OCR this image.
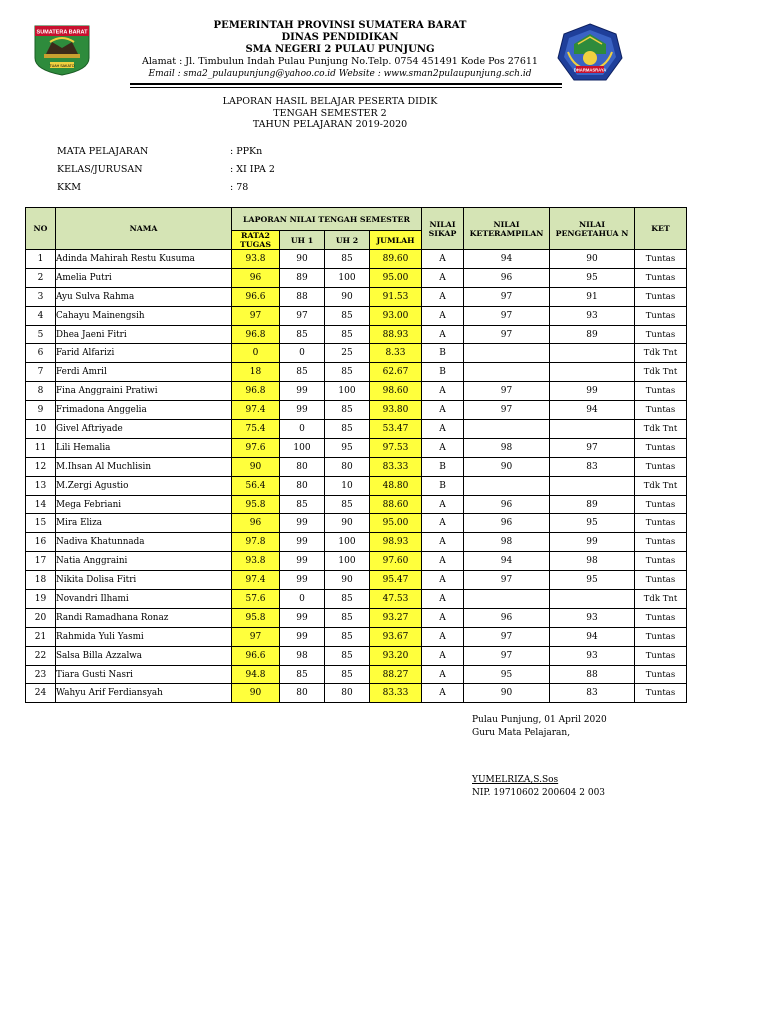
SUMATERA BARAT
TUAH SAKATO
PEMERINTAH PROVINSI SUMATERA BARAT
DINAS PENDIDIKAN
SMA NEGERI 2 PULAU PUNJUNG
Alamat : Jl. Timbulun Indah Pulau Punjung No.Telp. 0754 451491 Kode Pos 27611
Email : sma2_pulaupunjung@yahoo.co.id Website : www.sman2pulaupunjung.sch.id	DHARMASRAYA
LAPORAN HASIL BELAJAR PESERTA DIDIK
TENGAH SEMESTER 2
TAHUN PELAJARAN 2019-2020
MATA PELAJARAN	: PPKn
KELAS/JURUSAN	: XI IPA 2
KKM	: 78
NO	NAMA	LAPORAN NILAI TENGAH SEMESTER				NILAI SIKAP	NILAI KETERAMPILAN	NILAI PENGETAHUA N	KET
		RATA2 TUGAS	UH 1	UH 2	JUMLAH				
1	Adinda Mahirah Restu Kusuma	93.8	90	85	89.60	A	94	90	Tuntas
2	Amelia Putri	96	89	100	95.00	A	96	95	Tuntas
3	Ayu Sulva Rahma	96.6	88	90	91.53	A	97	91	Tuntas
4	Cahayu Mainengsih	97	97	85	93.00	A	97	93	Tuntas
5	Dhea Jaeni Fitri	96.8	85	85	88.93	A	97	89	Tuntas
6	Farid Alfarizi	0	0	25	8.33	B			Tdk Tnt
7	Ferdi Amril	18	85	85	62.67	B			Tdk Tnt
8	Fina Anggraini Pratiwi	96.8	99	100	98.60	A	97	99	Tuntas
9	Frimadona Anggelia	97.4	99	85	93.80	A	97	94	Tuntas
10	Givel Aftriyade	75.4	0	85	53.47	A			Tdk Tnt
11	Lili Hemalia	97.6	100	95	97.53	A	98	97	Tuntas
12	M.Ihsan Al Muchlisin	90	80	80	83.33	B	90	83	Tuntas
13	M.Zergi Agustio	56.4	80	10	48.80	B			Tdk Tnt
14	Mega Febriani	95.8	85	85	88.60	A	96	89	Tuntas
15	Mira Eliza	96	99	90	95.00	A	96	95	Tuntas
16	Nadiva Khatunnada	97.8	99	100	98.93	A	98	99	Tuntas
17	Natia Anggraini	93.8	99	100	97.60	A	94	98	Tuntas
18	Nikita Dolisa Fitri	97.4	99	90	95.47	A	97	95	Tuntas
19	Novandri Ilhami	57.6	0	85	47.53	A			Tdk Tnt
20	Randi Ramadhana Ronaz	95.8	99	85	93.27	A	96	93	Tuntas
21	Rahmida Yuli Yasmi	97	99	85	93.67	A	97	94	Tuntas
22	Salsa Billa Azzalwa	96.6	98	85	93.20	A	97	93	Tuntas
23	Tiara Gusti Nasri	94.8	85	85	88.27	A	95	88	Tuntas
24	Wahyu Arif Ferdiansyah	90	80	80	83.33	A	90	83	Tuntas
Pulau Punjung, 01 April 2020
Guru Mata Pelajaran,
YUMELRIZA,S.Sos
NIP. 19710602 200604 2 003
